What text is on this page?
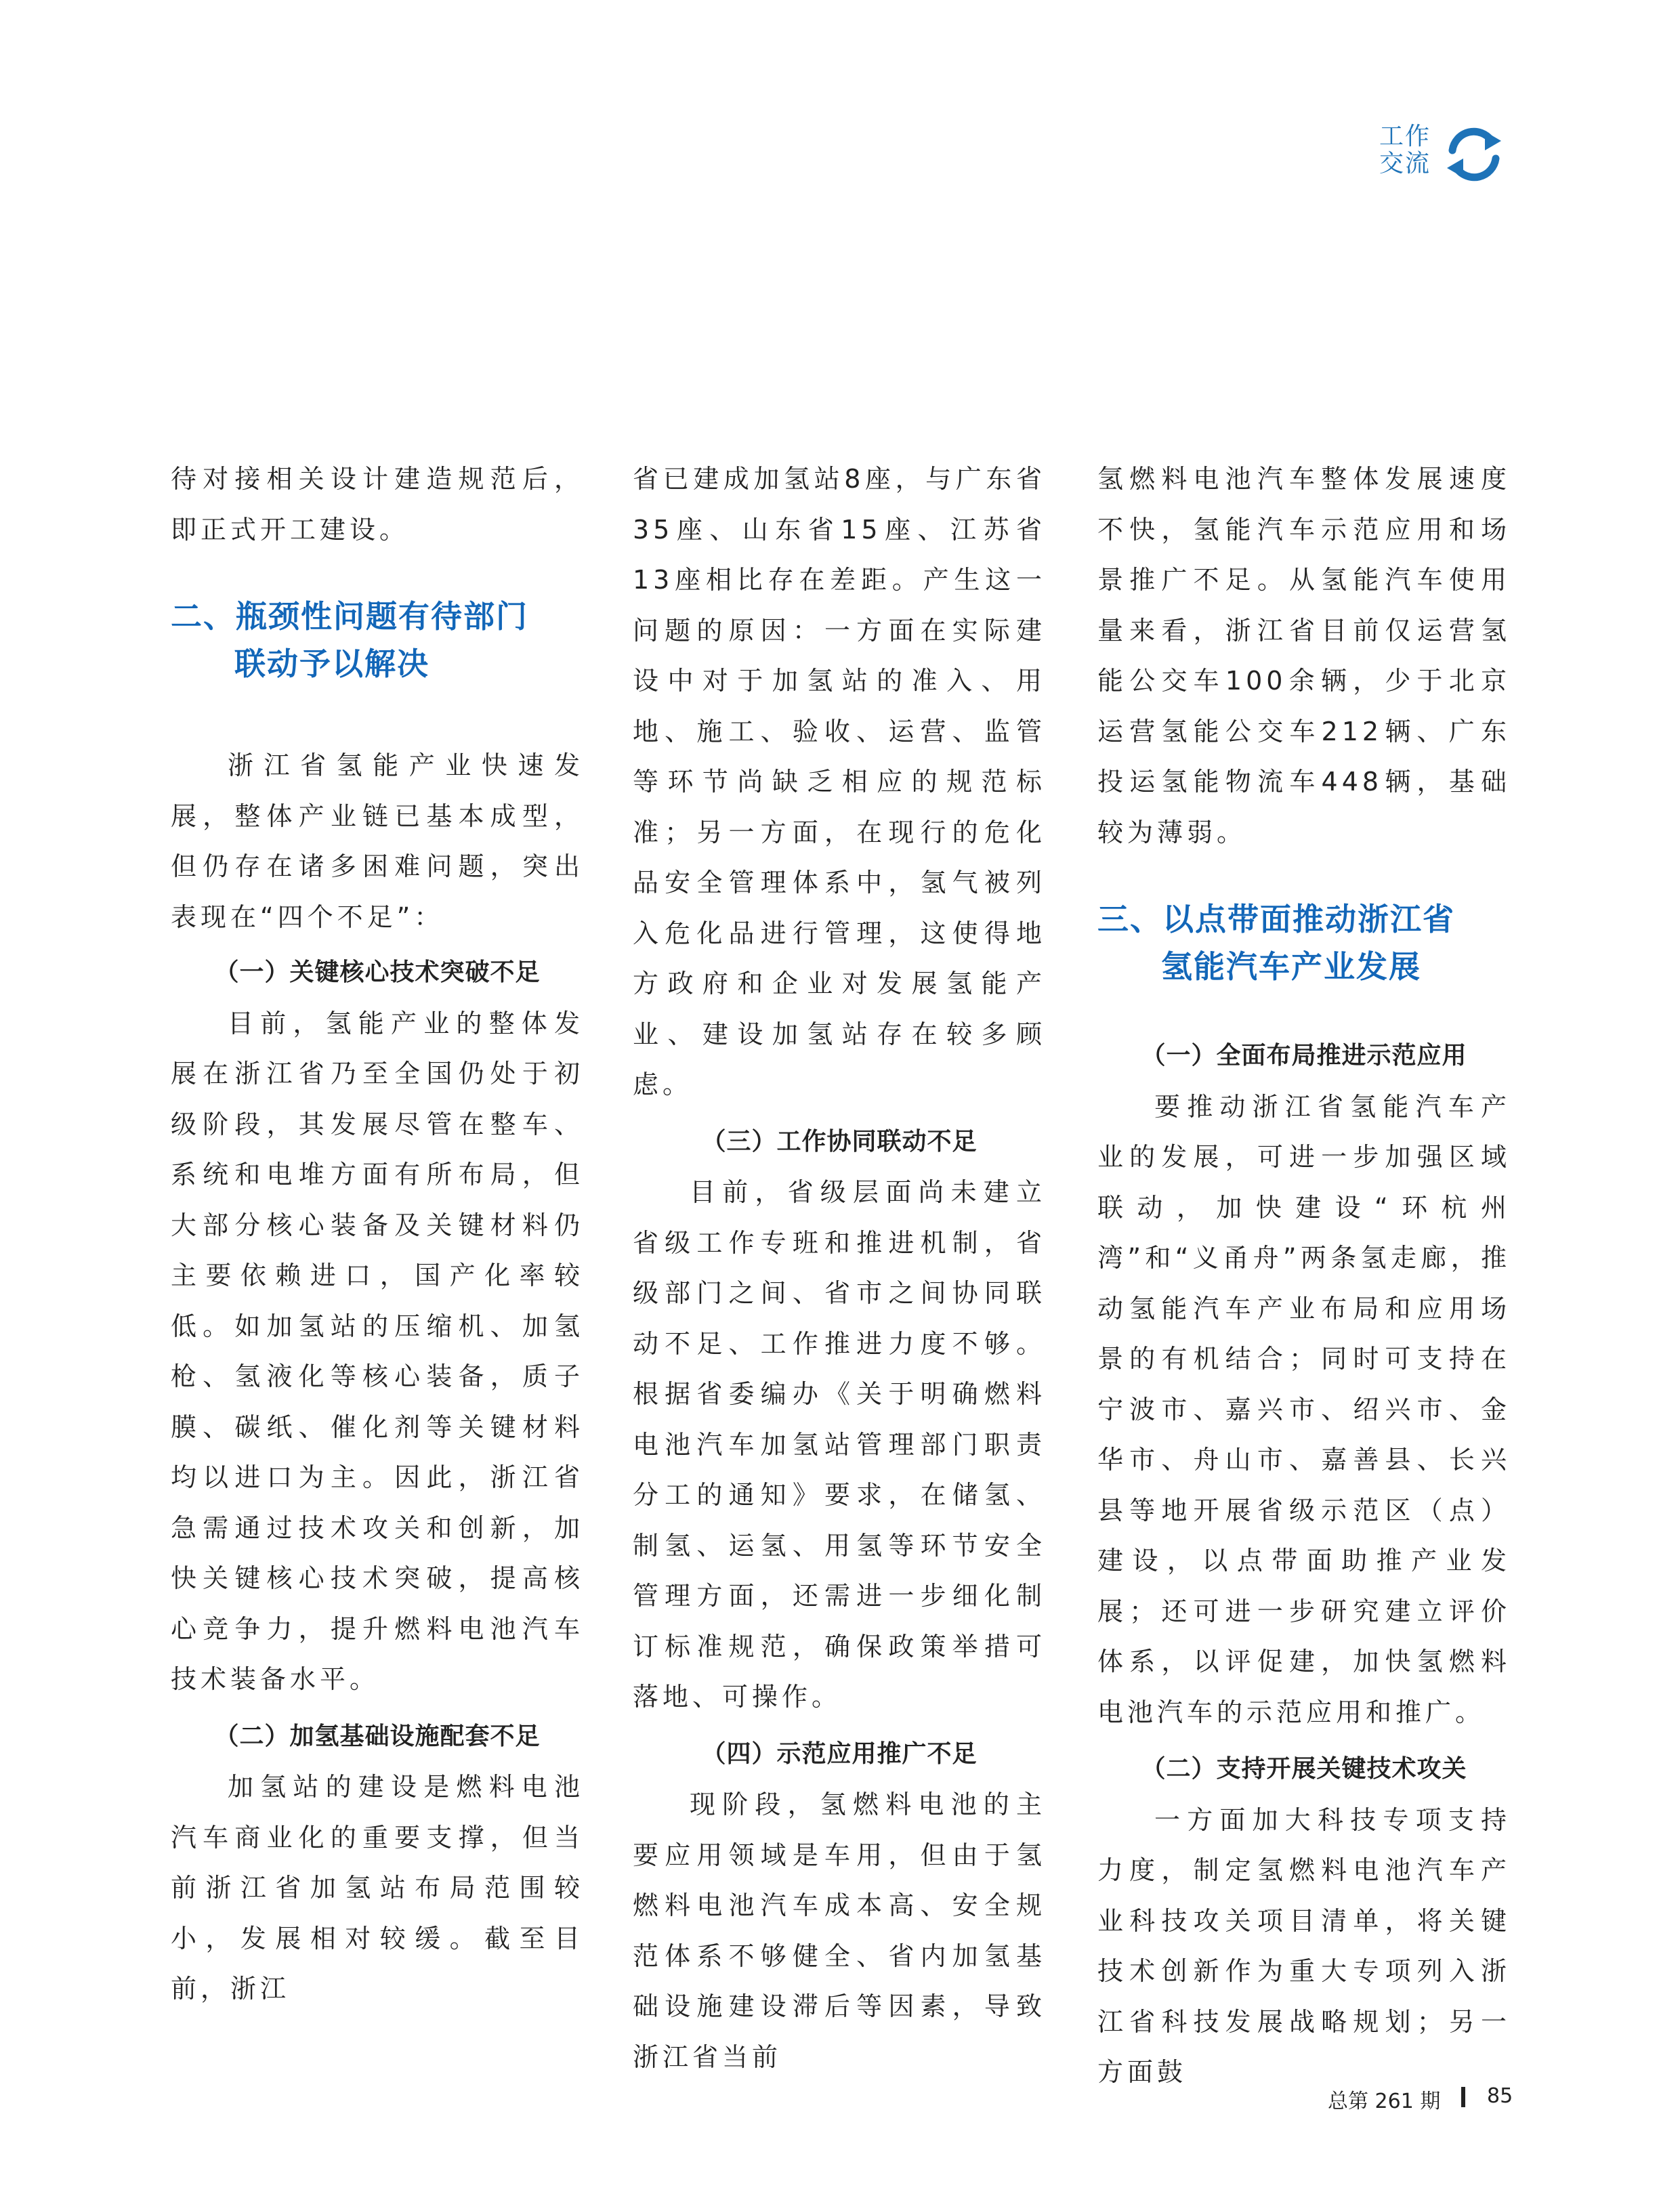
工作
交流

待对接相关设计建造规范后，即正式开工建设。

二、瓶颈性问题有待部门
联动予以解决

浙江省氢能产业快速发展，整体产业链已基本成型，但仍存在诸多困难问题，突出表现在“四个不足”：

（一）关键核心技术突破不足

目前，氢能产业的整体发展在浙江省乃至全国仍处于初级阶段，其发展尽管在整车、系统和电堆方面有所布局，但大部分核心装备及关键材料仍主要依赖进口，国产化率较低。如加氢站的压缩机、加氢枪、氢液化等核心装备，质子膜、碳纸、催化剂等关键材料均以进口为主。因此，浙江省急需通过技术攻关和创新，加快关键核心技术突破，提高核心竞争力，提升燃料电池汽车技术装备水平。

（二）加氢基础设施配套不足

加氢站的建设是燃料电池汽车商业化的重要支撑，但当前浙江省加氢站布局范围较小，发展相对较缓。截至目前，浙江

省已建成加氢站8座，与广东省35座、山东省15座、江苏省13座相比存在差距。产生这一问题的原因：一方面在实际建设中对于加氢站的准入、用地、施工、验收、运营、监管等环节尚缺乏相应的规范标准；另一方面，在现行的危化品安全管理体系中，氢气被列入危化品进行管理，这使得地方政府和企业对发展氢能产业、建设加氢站存在较多顾虑。

（三）工作协同联动不足

目前，省级层面尚未建立省级工作专班和推进机制，省级部门之间、省市之间协同联动不足、工作推进力度不够。根据省委编办《关于明确燃料电池汽车加氢站管理部门职责分工的通知》要求，在储氢、制氢、运氢、用氢等环节安全管理方面，还需进一步细化制订标准规范，确保政策举措可落地、可操作。

（四）示范应用推广不足

现阶段，氢燃料电池的主要应用领域是车用，但由于氢燃料电池汽车成本高、安全规范体系不够健全、省内加氢基础设施建设滞后等因素，导致浙江省当前

氢燃料电池汽车整体发展速度不快，氢能汽车示范应用和场景推广不足。从氢能汽车使用量来看，浙江省目前仅运营氢能公交车100余辆，少于北京运营氢能公交车212辆、广东投运氢能物流车448辆，基础较为薄弱。

三、以点带面推动浙江省
氢能汽车产业发展
（一）全面布局推进示范应用

要推动浙江省氢能汽车产业的发展，可进一步加强区域联动，加快建设“环杭州湾”和“义甬舟”两条氢走廊，推动氢能汽车产业布局和应用场景的有机结合；同时可支持在宁波市、嘉兴市、绍兴市、金华市、舟山市、嘉善县、长兴县等地开展省级示范区（点）建设，以点带面助推产业发展；还可进一步研究建立评价体系，以评促建，加快氢燃料电池汽车的示范应用和推广。

（二）支持开展关键技术攻关

一方面加大科技专项支持力度，制定氢燃料电池汽车产业科技攻关项目清单，将关键技术创新作为重大专项列入浙江省科技发展战略规划；另一方面鼓

总第 261 期 85
